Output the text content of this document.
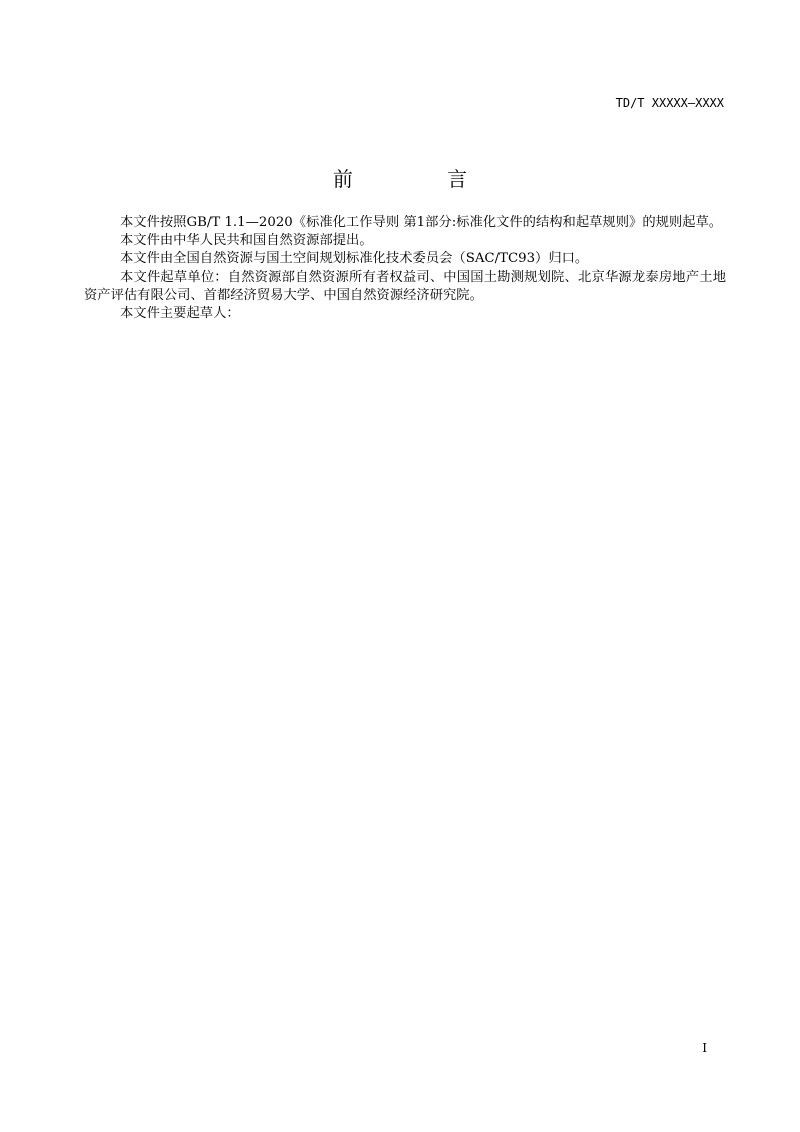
TD/T XXXXX—XXXX
前 言

本文件按照GB/T 1.1—2020《标准化工作导则 第1部分:标准化文件的结构和起草规则》的规则起草。

本文件由中华人民共和国自然资源部提出。

本文件由全国自然资源与国土空间规划标准化技术委员会（SAC/TC93）归口。

本文件起草单位：自然资源部自然资源所有者权益司、中国国土勘测规划院、北京华源龙泰房地产土地资产评估有限公司、首都经济贸易大学、中国自然资源经济研究院。

本文件主要起草人：

I
